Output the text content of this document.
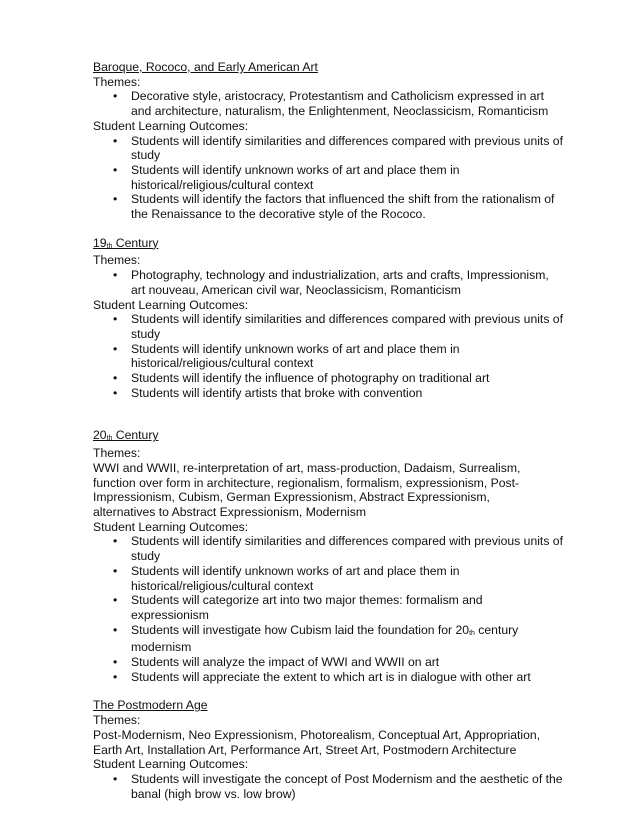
Baroque, Rococo, and Early American Art
Themes:
• Decorative style, aristocracy, Protestantism and Catholicism expressed in art and architecture, naturalism, the Enlightenment, Neoclassicism, Romanticism
Student Learning Outcomes:
• Students will identify similarities and differences compared with previous units of study
• Students will identify unknown works of art and place them in historical/religious/cultural context
• Students will identify the factors that influenced the shift from the rationalism of the Renaissance to the decorative style of the Rococo.
19th Century
Themes:
• Photography, technology and industrialization, arts and crafts, Impressionism, art nouveau, American civil war, Neoclassicism, Romanticism
Student Learning Outcomes:
• Students will identify similarities and differences compared with previous units of study
• Students will identify unknown works of art and place them in historical/religious/cultural context
• Students will identify the influence of photography on traditional art
• Students will identify artists that broke with convention
20th Century
Themes:
WWI and WWII, re-interpretation of art, mass-production, Dadaism, Surrealism, function over form in architecture, regionalism, formalism, expressionism, Post-Impressionism, Cubism, German Expressionism, Abstract Expressionism, alternatives to Abstract Expressionism, Modernism
Student Learning Outcomes:
• Students will identify similarities and differences compared with previous units of study
• Students will identify unknown works of art and place them in historical/religious/cultural context
• Students will categorize art into two major themes: formalism and expressionism
• Students will investigate how Cubism laid the foundation for 20th century modernism
• Students will analyze the impact of WWI and WWII on art
• Students will appreciate the extent to which art is in dialogue with other art
The Postmodern Age
Themes:
Post-Modernism, Neo Expressionism, Photorealism, Conceptual Art, Appropriation, Earth Art, Installation Art, Performance Art, Street Art, Postmodern Architecture
Student Learning Outcomes:
• Students will investigate the concept of Post Modernism and the aesthetic of the banal (high brow vs. low brow)
